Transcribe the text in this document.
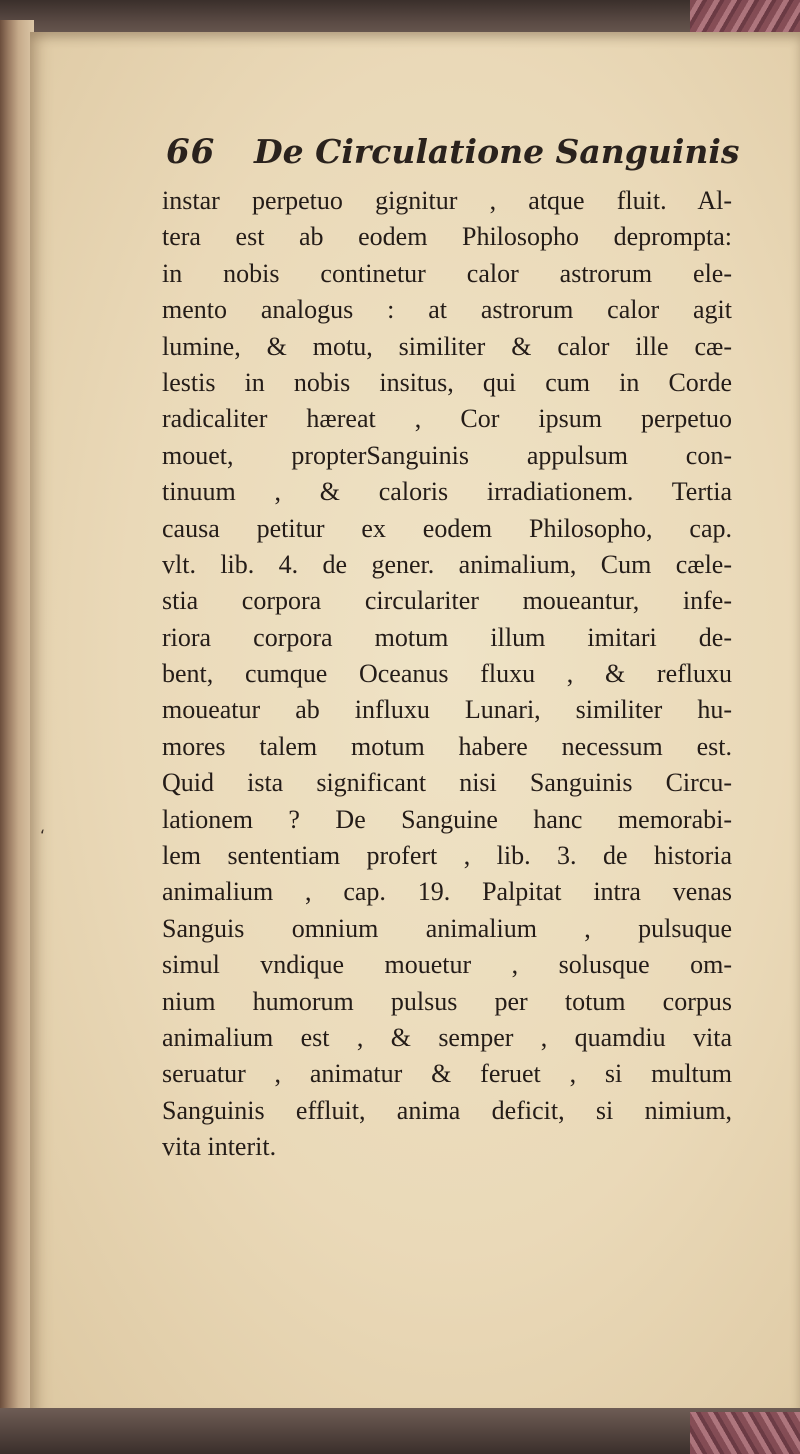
66 De Circulatione Sanguinis
‘
instar perpetuo gignitur , atque fluit. Al-
tera est ab eodem Philosopho deprompta:
in nobis continetur calor astrorum ele-
mento analogus : at astrorum calor agit
lumine, & motu, similiter & calor ille cæ-
lestis in nobis insitus, qui cum in Corde
radicaliter hæreat , Cor ipsum perpetuo
mouet, propterSanguinis appulsum con-
tinuum , & caloris irradiationem. Tertia
causa petitur ex eodem Philosopho, cap.
vlt. lib. 4. de gener. animalium, Cum cæle-
stia corpora circulariter moueantur, infe-
riora corpora motum illum imitari de-
bent, cumque Oceanus fluxu , & refluxu
moueatur ab influxu Lunari, similiter hu-
mores talem motum habere necessum est.
Quid ista significant nisi Sanguinis Circu-
lationem ? De Sanguine hanc memorabi-
lem sententiam profert , lib. 3. de historia
animalium , cap. 19. Palpitat intra venas
Sanguis omnium animalium , pulsuque
simul vndique mouetur , solusque om-
nium humorum pulsus per totum corpus
animalium est , & semper , quamdiu vita
seruatur , animatur & feruet , si multum
Sanguinis effluit, anima deficit, si nimium,
vita interit.
